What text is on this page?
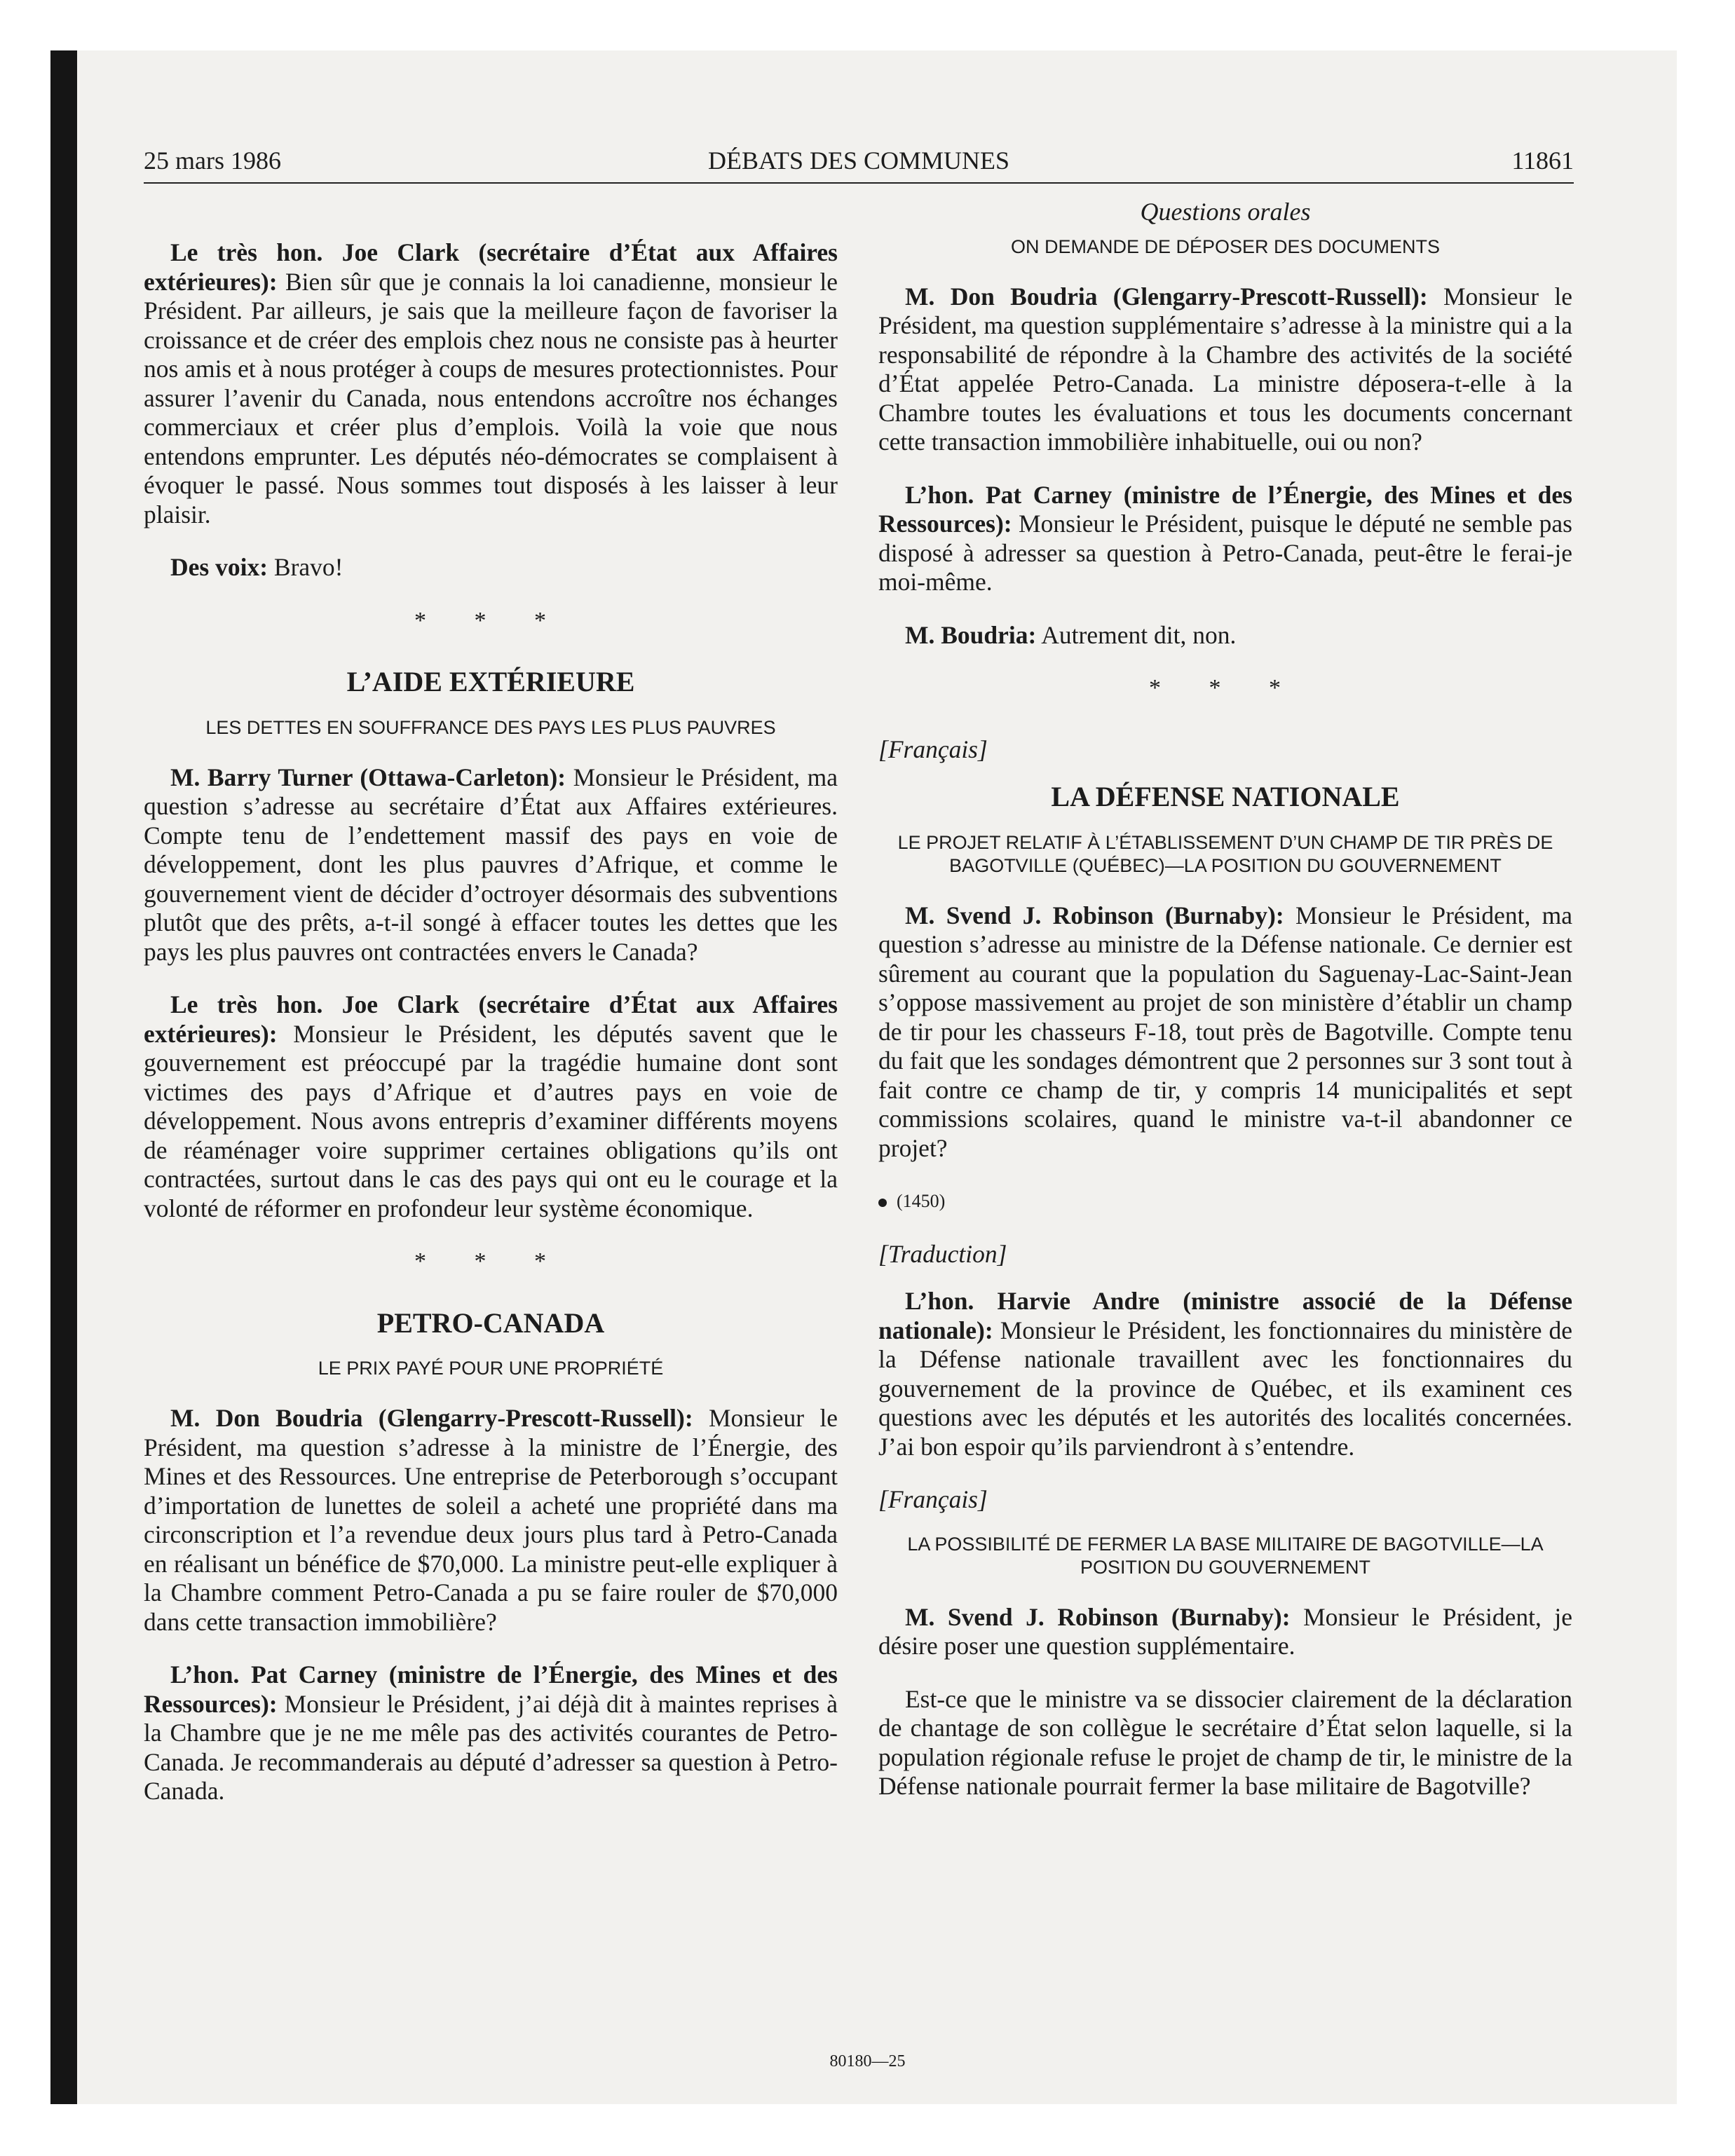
25 mars 1986	DÉBATS DES COMMUNES	11861

Le très hon. Joe Clark (secrétaire d’État aux Affaires extérieures): Bien sûr que je connais la loi canadienne, monsieur le Président. Par ailleurs, je sais que la meilleure façon de favoriser la croissance et de créer des emplois chez nous ne consiste pas à heurter nos amis et à nous protéger à coups de mesures protectionnistes. Pour assurer l’avenir du Canada, nous entendons accroître nos échanges commerciaux et créer plus d’emplois. Voilà la voie que nous entendons emprunter. Les députés néo-démocrates se complaisent à évoquer le passé. Nous sommes tout disposés à les laisser à leur plaisir.

Des voix: Bravo!

* * *
L’AIDE EXTÉRIEURE
LES DETTES EN SOUFFRANCE DES PAYS LES PLUS PAUVRES

M. Barry Turner (Ottawa-Carleton): Monsieur le Président, ma question s’adresse au secrétaire d’État aux Affaires extérieures. Compte tenu de l’endettement massif des pays en voie de développement, dont les plus pauvres d’Afrique, et comme le gouvernement vient de décider d’octroyer désormais des subventions plutôt que des prêts, a-t-il songé à effacer toutes les dettes que les pays les plus pauvres ont contractées envers le Canada?

Le très hon. Joe Clark (secrétaire d’État aux Affaires extérieures): Monsieur le Président, les députés savent que le gouvernement est préoccupé par la tragédie humaine dont sont victimes des pays d’Afrique et d’autres pays en voie de développement. Nous avons entrepris d’examiner différents moyens de réaménager voire supprimer certaines obligations qu’ils ont contractées, surtout dans le cas des pays qui ont eu le courage et la volonté de réformer en profondeur leur système économique.

* * *
PETRO-CANADA
LE PRIX PAYÉ POUR UNE PROPRIÉTÉ

M. Don Boudria (Glengarry-Prescott-Russell): Monsieur le Président, ma question s’adresse à la ministre de l’Énergie, des Mines et des Ressources. Une entreprise de Peterborough s’occupant d’importation de lunettes de soleil a acheté une propriété dans ma circonscription et l’a revendue deux jours plus tard à Petro-Canada en réalisant un bénéfice de $70,000. La ministre peut-elle expliquer à la Chambre comment Petro-Canada a pu se faire rouler de $70,000 dans cette transaction immobilière?

L’hon. Pat Carney (ministre de l’Énergie, des Mines et des Ressources): Monsieur le Président, j’ai déjà dit à maintes reprises à la Chambre que je ne me mêle pas des activités courantes de Petro-Canada. Je recommanderais au député d’adresser sa question à Petro-Canada.

Questions orales
ON DEMANDE DE DÉPOSER DES DOCUMENTS

M. Don Boudria (Glengarry-Prescott-Russell): Monsieur le Président, ma question supplémentaire s’adresse à la ministre qui a la responsabilité de répondre à la Chambre des activités de la société d’État appelée Petro-Canada. La ministre déposera-t-elle à la Chambre toutes les évaluations et tous les documents concernant cette transaction immobilière inhabituelle, oui ou non?

L’hon. Pat Carney (ministre de l’Énergie, des Mines et des Ressources): Monsieur le Président, puisque le député ne semble pas disposé à adresser sa question à Petro-Canada, peut-être le ferai-je moi-même.

M. Boudria: Autrement dit, non.

* * *
[Français]
LA DÉFENSE NATIONALE
LE PROJET RELATIF À L’ÉTABLISSEMENT D’UN CHAMP DE TIR PRÈS DE BAGOTVILLE (QUÉBEC)—LA POSITION DU GOUVERNEMENT

M. Svend J. Robinson (Burnaby): Monsieur le Président, ma question s’adresse au ministre de la Défense nationale. Ce dernier est sûrement au courant que la population du Saguenay-Lac-Saint-Jean s’oppose massivement au projet de son ministère d’établir un champ de tir pour les chasseurs F-18, tout près de Bagotville. Compte tenu du fait que les sondages démontrent que 2 personnes sur 3 sont tout à fait contre ce champ de tir, y compris 14 municipalités et sept commissions scolaires, quand le ministre va-t-il abandonner ce projet?

(1450)
[Traduction]

L’hon. Harvie Andre (ministre associé de la Défense nationale): Monsieur le Président, les fonctionnaires du ministère de la Défense nationale travaillent avec les fonctionnaires du gouvernement de la province de Québec, et ils examinent ces questions avec les députés et les autorités des localités concernées. J’ai bon espoir qu’ils parviendront à s’entendre.

[Français]
LA POSSIBILITÉ DE FERMER LA BASE MILITAIRE DE BAGOTVILLE—LA POSITION DU GOUVERNEMENT

M. Svend J. Robinson (Burnaby): Monsieur le Président, je désire poser une question supplémentaire.

Est-ce que le ministre va se dissocier clairement de la déclaration de chantage de son collègue le secrétaire d’État selon laquelle, si la population régionale refuse le projet de champ de tir, le ministre de la Défense nationale pourrait fermer la base militaire de Bagotville?

80180—25
